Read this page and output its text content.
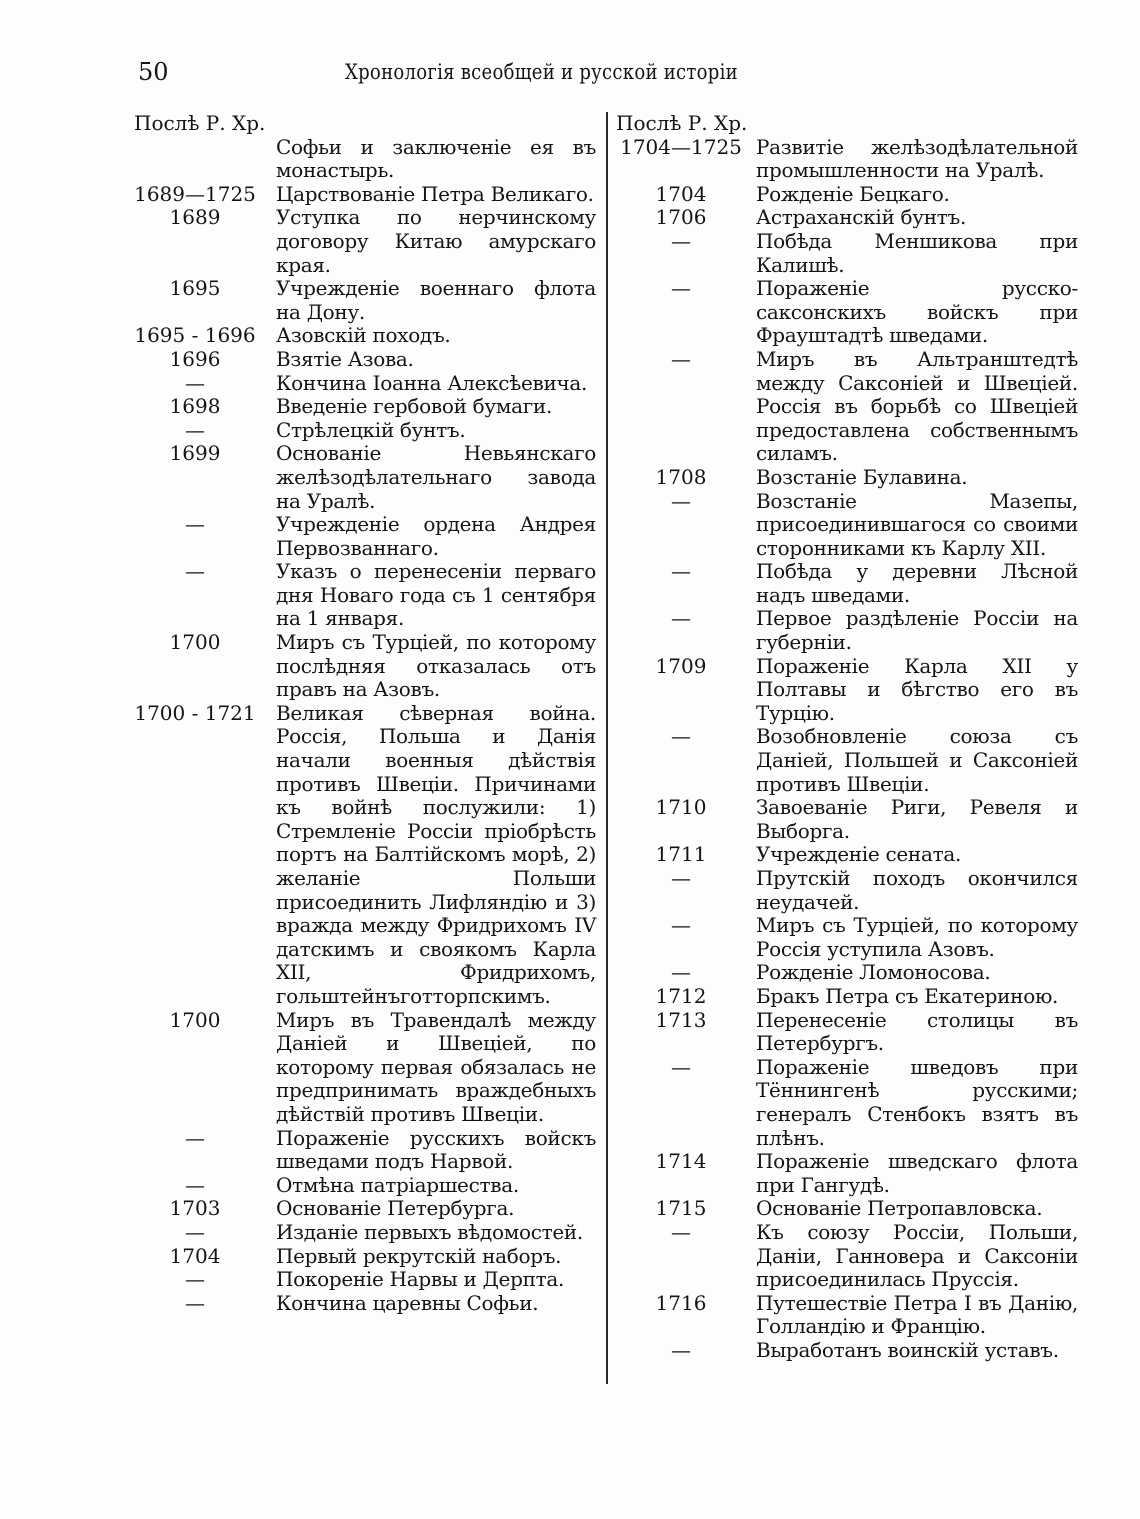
50	Хронологія всеобщей и русской исторіи
Послѣ Р. Хр.
Софьи и заключеніе ея въ монастырь.
1689—1725	Царствованіе Петра Великаго.
1689	Уступка по нерчинскому договору Китаю амурскаго края.
1695	Учрежденіе военнаго флота на Дону.
1695 - 1696	Азовскій походъ.
1696	Взятіе Азова.
—	Кончина Іоанна Алексѣевича.
1698	Введеніе гербовой бумаги.
—	Стрѣлецкій бунтъ.
1699	Основаніе Невьянскаго желѣзодѣлательнаго завода на Уралѣ.
—	Учрежденіе ордена Андрея Первозваннаго.
—	Указъ о перенесеніи перваго дня Новаго года съ 1 сентября на 1 января.
1700	Миръ съ Турціей, по которому послѣдняя отказалась отъ правъ на Азовъ.
1700 - 1721	Великая сѣверная война. Россія, Польша и Данія начали военныя дѣйствія противъ Швеціи. Причинами къ войнѣ послужили: 1) Стремленіе Россіи пріобрѣсть портъ на Балтійскомъ морѣ, 2) желаніе Польши присоединить Лифляндію и 3) вражда между Фридрихомъ IV датскимъ и своякомъ Карла XII, Фридрихомъ, гольштейнъготторпскимъ.
1700	Миръ въ Травендалѣ между Даніей и Швеціей, по которому первая обязалась не предпринимать враждебныхъ дѣйствій противъ Швеціи.
—	Пораженіе русскихъ войскъ шведами подъ Нарвой.
—	Отмѣна патріаршества.
1703	Основаніе Петербурга.
—	Изданіе первыхъ вѣдомостей.
1704	Первый рекрутскій наборъ.
—	Покореніе Нарвы и Дерпта.
—	Кончина царевны Софьи.
Послѣ Р. Хр.
1704—1725 Развитіе желѣзодѣлательной промышленности на Уралѣ.
1704	Рожденіе Бецкаго.
1706	Астраханскій бунтъ.
—	Побѣда Меншикова при Калишѣ.
—	Пораженіе русско-саксонскихъ войскъ при Фрауштадтѣ шведами.
—	Миръ въ Альтранштедтѣ между Саксоніей и Швеціей. Россія въ борьбѣ со Швеціей предоставлена собственнымъ силамъ.
1708	Возстаніе Булавина.
—	Возстаніе Мазепы, присоединившагося со своими сторонниками къ Карлу XII.
—	Побѣда у деревни Лѣсной надъ шведами.
—	Первое раздѣленіе Россіи на губерніи.
1709	Пораженіе Карла XII у Полтавы и бѣгство его въ Турцію.
—	Возобновленіе союза съ Даніей, Польшей и Саксоніей противъ Швеціи.
1710	Завоеваніе Риги, Ревеля и Выборга.
1711	Учрежденіе сената.
—	Прутскій походъ окончился неудачей.
—	Миръ съ Турціей, по которому Россія уступила Азовъ.
—	Рожденіе Ломоносова.
1712	Бракъ Петра съ Екатериною.
1713	Перенесеніе столицы въ Петербургъ.
—	Пораженіе шведовъ при Тённингенѣ русскими; генералъ Стенбокъ взятъ въ плѣнъ.
1714	Пораженіе шведскаго флота при Гангудѣ.
1715	Основаніе Петропавловска.
—	Къ союзу Россіи, Польши, Даніи, Ганновера и Саксоніи присоединилась Пруссія.
1716	Путешествіе Петра I въ Данію, Голландію и Францію.
—	Выработанъ воинскій уставъ.
